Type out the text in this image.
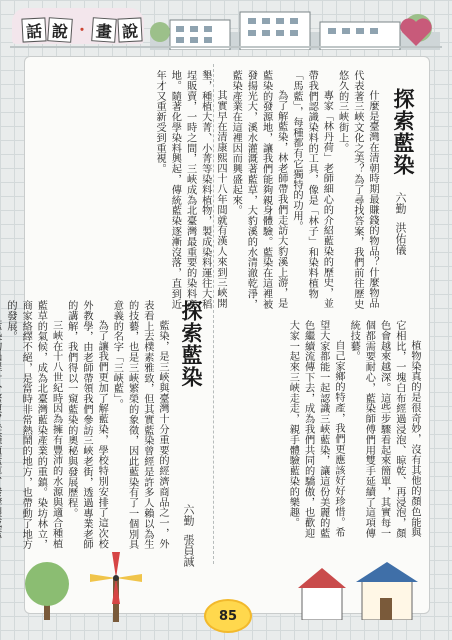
話 說 ・ 畫 說
探索藍染
六勤 洪佑儀

什麼是臺灣在清朝時期最賺錢的物品？什麼物品代表著三峽文化之美？為了尋找答案，我們前往歷史悠久的三峽街上。

專家「林丹荷」老師細心的介紹藍染的歷史，並帶我們認識染料的工具，像是「林子」和染料植物「馬藍」，每種都有它獨特的功用。

為了解藍染，林老師帶我們走訪大豹溪上游，是藍染的發源地，讓我們能夠親身體驗。藍染在這裡被發揚光大，溪水灌溉著藍草，大豹溪的水清澈乾淨，藍染產業在這裡因而興盛起來。

其實早在清康熙四十八年間就有漢人來到三峽開墾，種植大菁、小菁等染料植物，製成染料運往大稻埕販賣，一時之間，三峽成為北臺灣最重要的染料產地。隨著化學染料興起，傳統藍染逐漸沒落，直到近年才又重新受到重視。

植物染真的是很奇妙，沒有其他的顏色能與它相比，一塊白布經過浸泡、晾乾、再浸泡，顏色會越來越深。這些步驟看起來簡單，其實每一個都需要耐心，藍染師傅們用雙手延續了這項傳統技藝。

自己家鄉的特產，我們更應該好好珍惜。希望大家都能一起認識三峽藍染，讓這份美麗的藍色繼續流傳下去，成為我們共同的驕傲，也歡迎大家一起來三峽走走，親手體驗藍染的樂趣。

探索藍染
六勤 張員誠

藍染，是三峽與臺灣十分重要的經濟商品之一，外表看上去樸素雅致，但其實藍染曾經是許多人賴以為生的技藝，也是三峽繁榮的象徵，因此藍染有了一個別具意義的名字「三峽藍」。

為了讓我們更加了解藍染，學校特別安排了這次校外教學，由老師帶領我們參訪三峽老街，透過專業老師的講解，我們得以一窺藍染的奧秘與發展歷程。

三峽在十八世紀時因為擁有豐沛的水源與適合種植藍草的氣候，成為北臺灣藍染產業的重鎮。染坊林立，商家絡繹不絕，是當時非常熱鬧的地方，也帶動了地方的發展。

85
